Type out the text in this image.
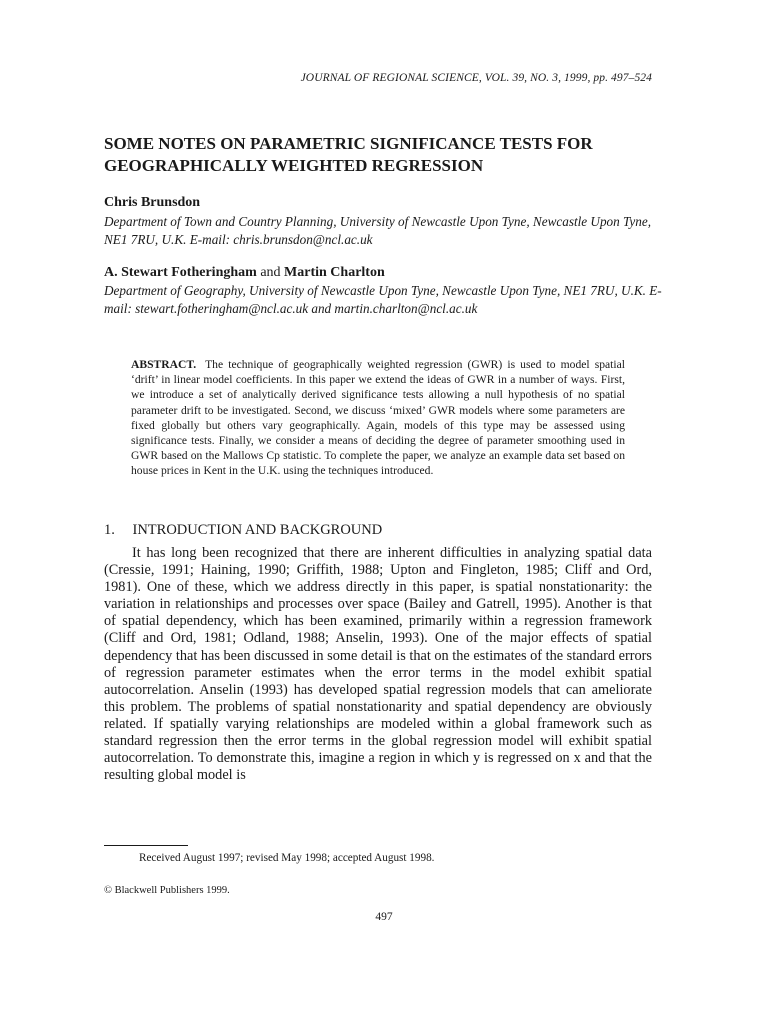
JOURNAL OF REGIONAL SCIENCE, VOL. 39, NO. 3, 1999, pp. 497–524
SOME NOTES ON PARAMETRIC SIGNIFICANCE TESTS FOR GEOGRAPHICALLY WEIGHTED REGRESSION

Chris Brunsdon

Department of Town and Country Planning, University of Newcastle Upon Tyne, Newcastle Upon Tyne, NE1 7RU, U.K. E-mail: chris.brunsdon@ncl.ac.uk

A. Stewart Fotheringham and Martin Charlton

Department of Geography, University of Newcastle Upon Tyne, Newcastle Upon Tyne, NE1 7RU, U.K. E-mail: stewart.fotheringham@ncl.ac.uk and martin.charlton@ncl.ac.uk

ABSTRACT. The technique of geographically weighted regression (GWR) is used to model spatial ‘drift’ in linear model coefficients. In this paper we extend the ideas of GWR in a number of ways. First, we introduce a set of analytically derived significance tests allowing a null hypothesis of no spatial parameter drift to be investigated. Second, we discuss ‘mixed’ GWR models where some parameters are fixed globally but others vary geographically. Again, models of this type may be assessed using significance tests. Finally, we consider a means of deciding the degree of parameter smoothing used in GWR based on the Mallows Cp statistic. To complete the paper, we analyze an example data set based on house prices in Kent in the U.K. using the techniques introduced.

1. INTRODUCTION AND BACKGROUND

It has long been recognized that there are inherent difficulties in analyzing spatial data (Cressie, 1991; Haining, 1990; Griffith, 1988; Upton and Fingleton, 1985; Cliff and Ord, 1981). One of these, which we address directly in this paper, is spatial nonstationarity: the variation in relationships and processes over space (Bailey and Gatrell, 1995). Another is that of spatial dependency, which has been examined, primarily within a regression framework (Cliff and Ord, 1981; Odland, 1988; Anselin, 1993). One of the major effects of spatial dependency that has been discussed in some detail is that on the estimates of the standard errors of regression parameter estimates when the error terms in the model exhibit spatial autocorrelation. Anselin (1993) has developed spatial regression models that can ameliorate this problem. The problems of spatial nonstationarity and spatial dependency are obviously related. If spatially varying relationships are modeled within a global framework such as standard regression then the error terms in the global regression model will exhibit spatial autocorrelation. To demonstrate this, imagine a region in which y is regressed on x and that the resulting global model is

Received August 1997; revised May 1998; accepted August 1998.

© Blackwell Publishers 1999.

497
